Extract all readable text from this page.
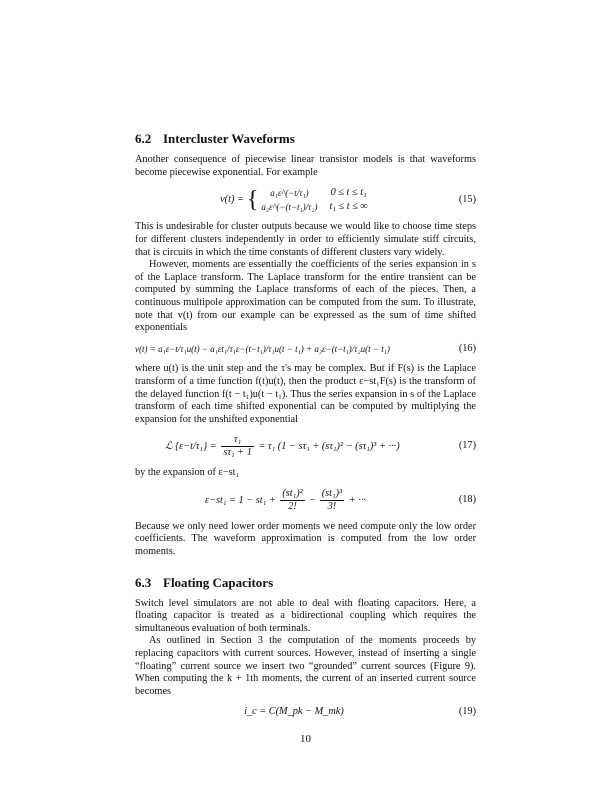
6.2 Intercluster Waveforms

Another consequence of piecewise linear transistor models is that waveforms become piecewise exponential. For example

v(t) = {	a₁ε^(−t/τ₁)	0 ≤ t ≤ t₁
a₂ε^(−(t−t₁)/τ₂) t₁ ≤ t ≤ ∞
(15)

This is undesirable for cluster outputs because we would like to choose time steps for different clusters independently in order to efficiently simulate stiff circuits, that is circuits in which the time constants of different clusters vary widely.

However, moments are essentially the coefficients of the series expansion in s of the Laplace transform. The Laplace transform for the entire transient can be computed by summing the Laplace transforms of each of the pieces. Then, a continuous multipole approximation can be computed from the sum. To illustrate, note that v(t) from our example can be expressed as the sum of time shifted exponentials

v(t) = a₁ε−t/τ₁u(t) − a₁εt₁/τ₁ε−(t−t₁)/τ₁u(t − t₁) + a₂ε−(t−t₁)/τ₂u(t − t₁)	(16)

where u(t) is the unit step and the τ's may be complex. But if F(s) is the Laplace transform of a time function f(t)u(t), then the product ε−st₁F(s) is the transform of the delayed function f(t − t₁)u(t − t₁). Thus the series expansion in s of the Laplace transform of each time shifted exponential can be computed by multiplying the expansion for the unshifted exponential

ℒ $\{\varepsilon-t/\tau_1\} = \frac{\text{τ₁}}{\text{sτ₁ + 1}} = \tau_1$ (1 − sτ₁ + (sτ₁)² − (sτ₁)³ + ···)	(17)

by the expansion of ε−st₁

$\varepsilon-st_1 = 1 - st_1 + \frac{\text{(st₁)²}}{2!} - \frac{\text{(st₁)³}}{3!}$ + ···	(18)

Because we only need lower order moments we need compute only the low order coefficients. The waveform approximation is computed from the low order moments.

6.3 Floating Capacitors

Switch level simulators are not able to deal with floating capacitors. Here, a floating capacitor is treated as a bidirectional coupling which requires the simultaneous evaluation of both terminals.

As outlined in Section 3 the computation of the moments proceeds by replacing capacitors with current sources. However, instead of inserting a single “floating” current source we insert two “grounded” current sources (Figure 9). When computing the k + 1th moments, the current of an inserted current source becomes

i_c = C(M_pk − M_mk)	(19)
10
